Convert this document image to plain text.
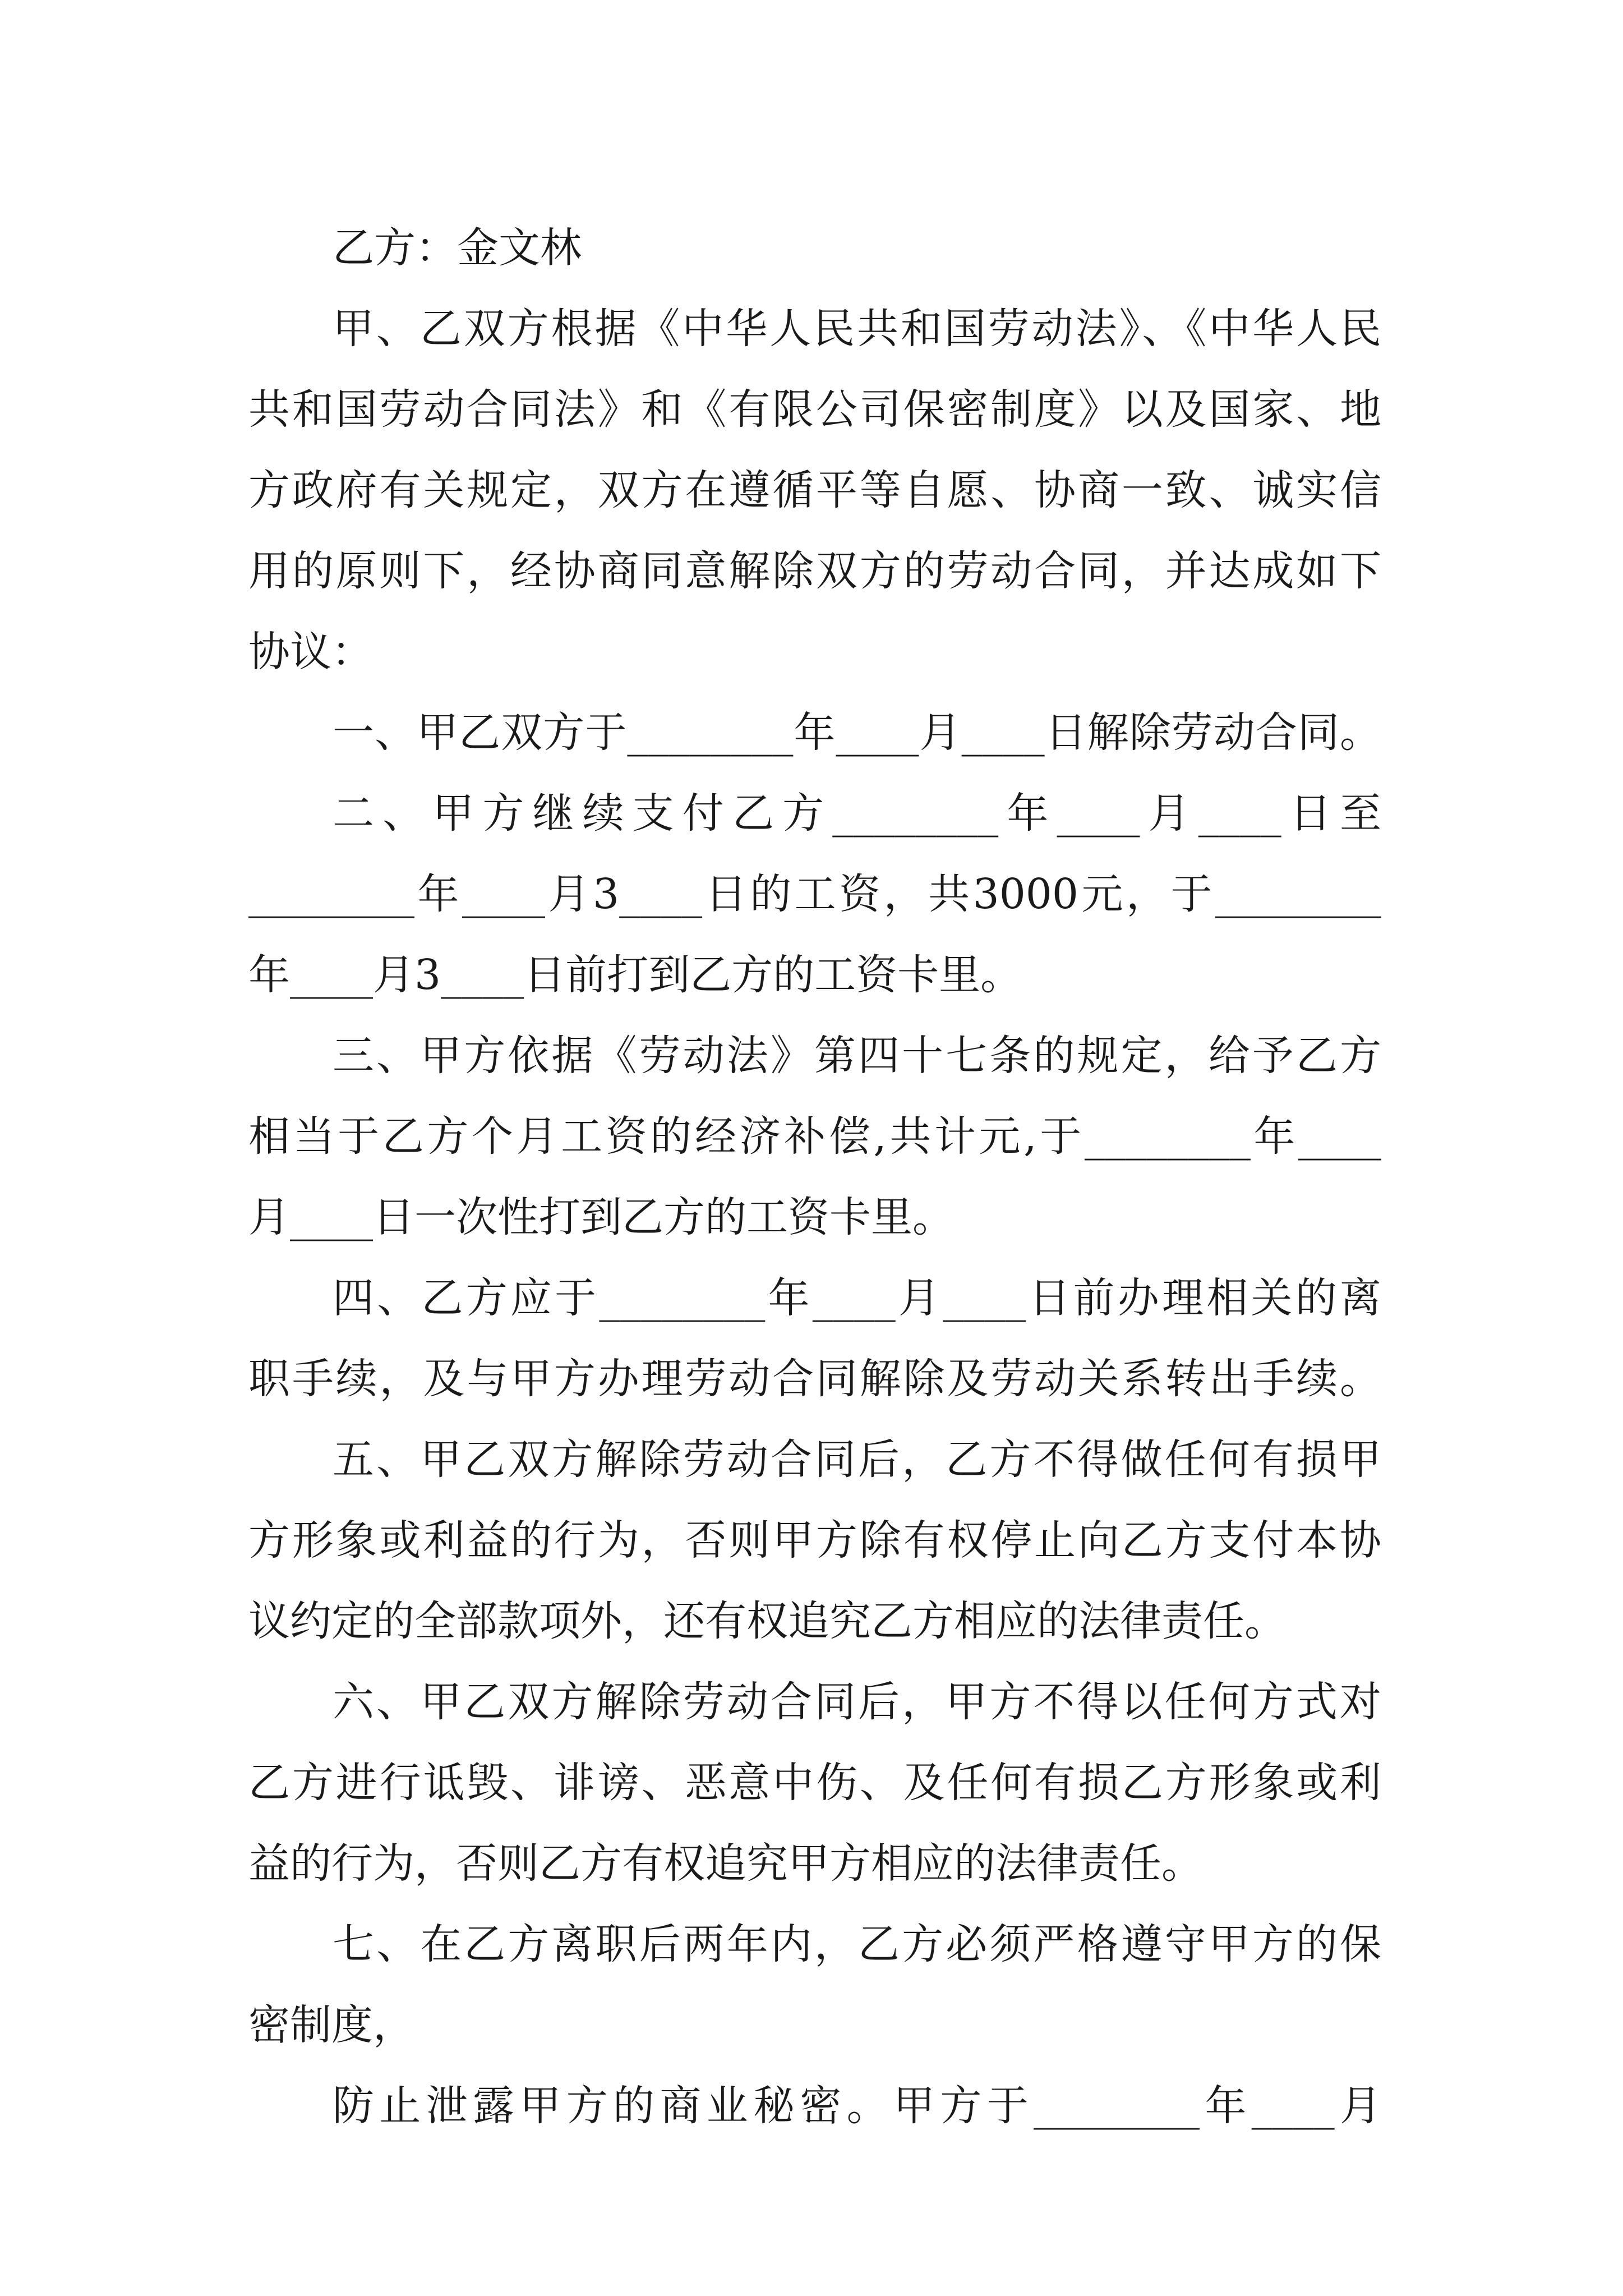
乙方：金文林
甲、乙双方根据《中华人民共和国劳动法》、《中华人民
共和国劳动合同法》和《有限公司保密制度》以及国家、地
方政府有关规定，双方在遵循平等自愿、协商一致、诚实信
用的原则下，经协商同意解除双方的劳动合同，并达成如下
协议：
一、甲乙双方于________年____月____日解除劳动合同。
二、甲方继续支付乙方________年____月____日至
________年____月3____日的工资，共3000元，于________
年____月3____日前打到乙方的工资卡里。
三、甲方依据《劳动法》第四十七条的规定，给予乙方
相当于乙方个月工资的经济补偿,共计元,于________年____
月____日一次性打到乙方的工资卡里。
四、乙方应于________年____月____日前办理相关的离
职手续，及与甲方办理劳动合同解除及劳动关系转出手续。
五、甲乙双方解除劳动合同后，乙方不得做任何有损甲
方形象或利益的行为，否则甲方除有权停止向乙方支付本协
议约定的全部款项外，还有权追究乙方相应的法律责任。
六、甲乙双方解除劳动合同后，甲方不得以任何方式对
乙方进行诋毁、诽谤、恶意中伤、及任何有损乙方形象或利
益的行为，否则乙方有权追究甲方相应的法律责任。
七、在乙方离职后两年内，乙方必须严格遵守甲方的保
密制度，
防止泄露甲方的商业秘密。甲方于________年____月
